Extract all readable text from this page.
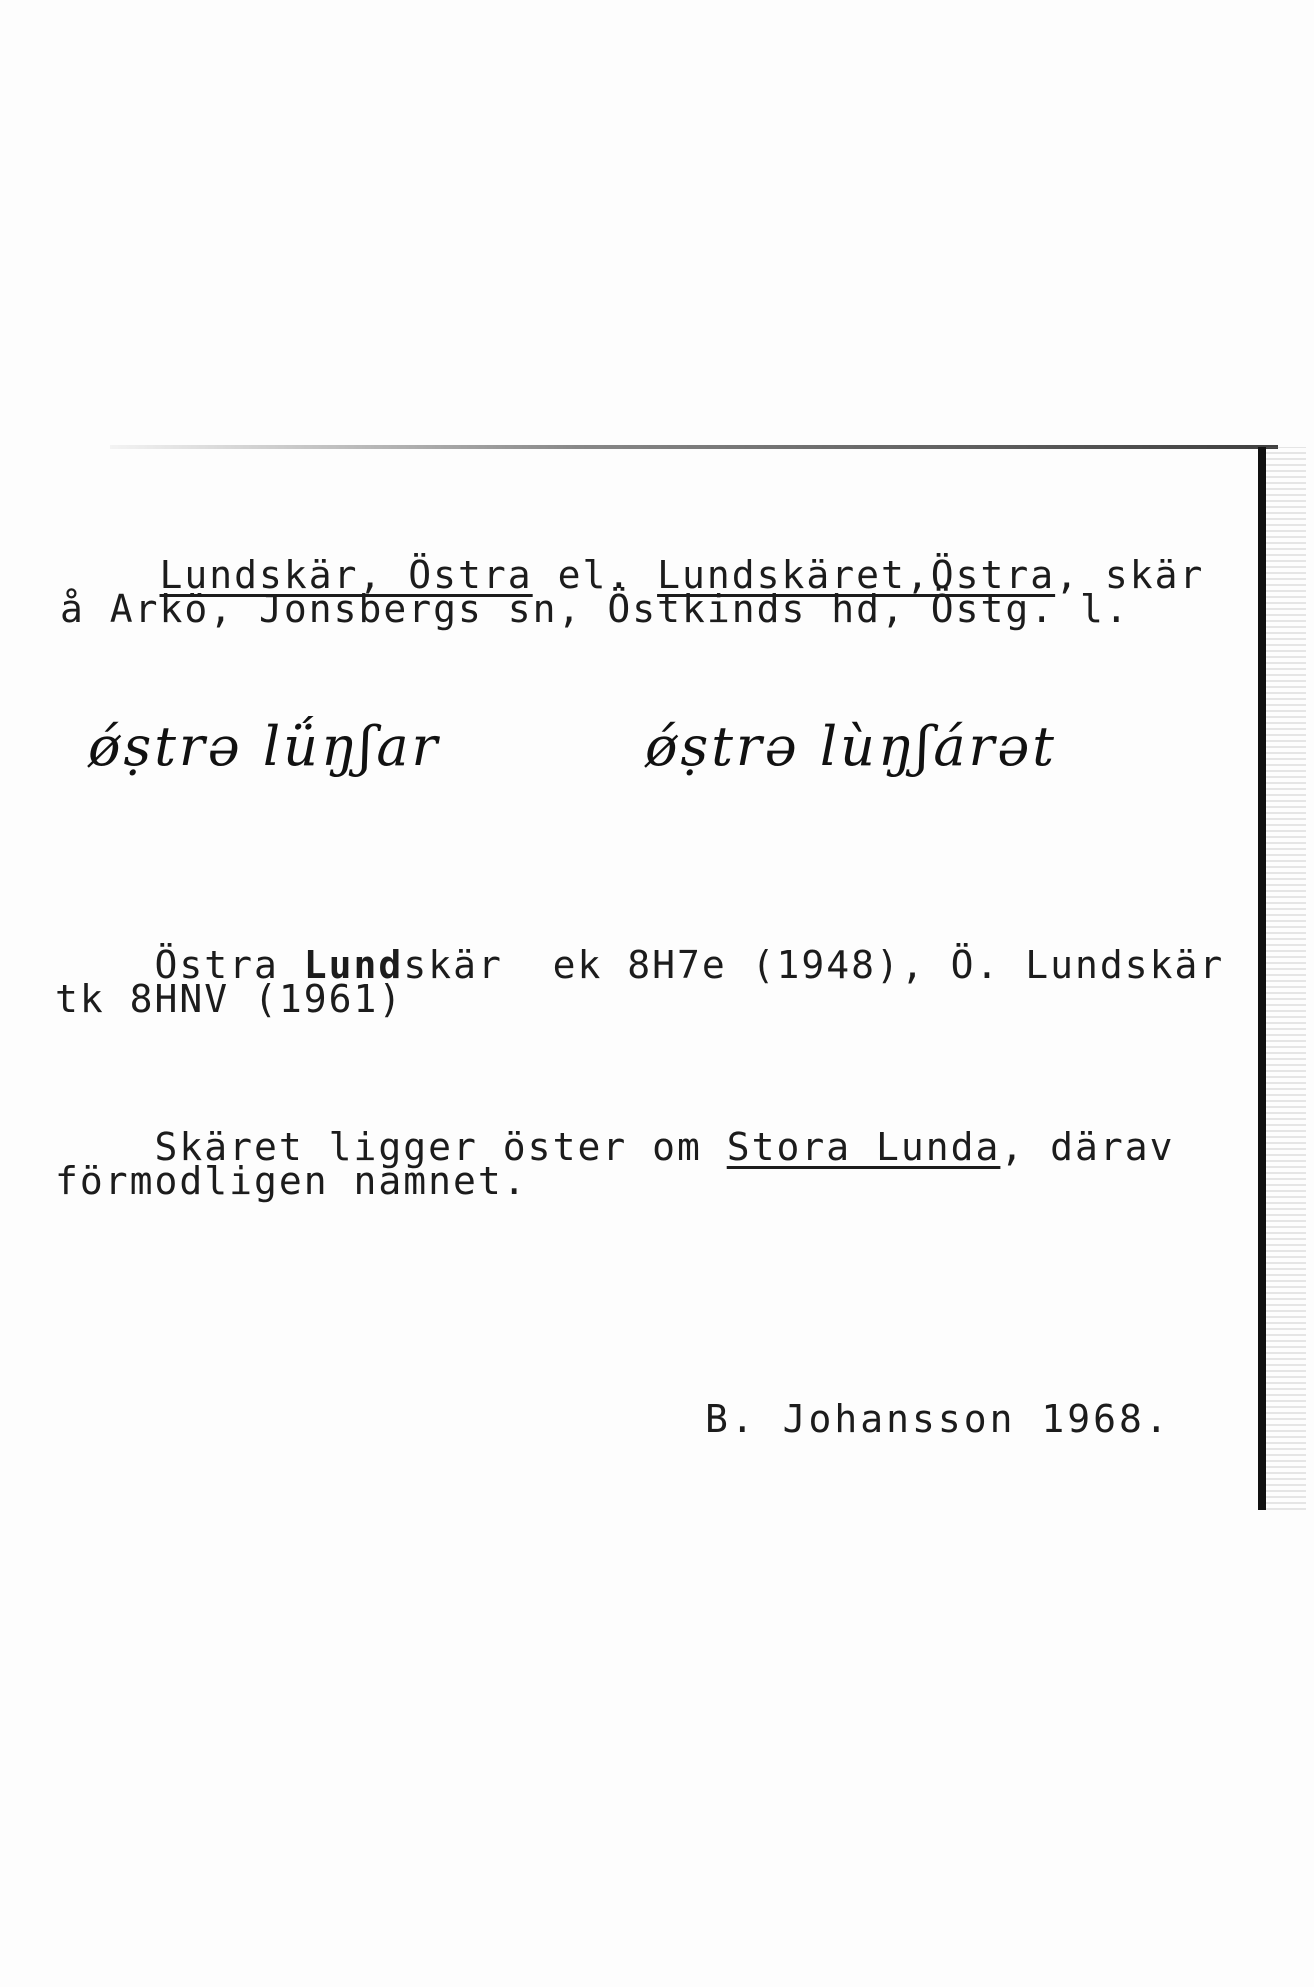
Lundskär, Östra el. Lundskäret,Östra, skär

å Arkö, Jonsbergs sn, Östkinds hd, Östg. l.
ǿṣtrə lǘŋʃar	ǿṣtrə lùŋʃárət

Östra Lundskär  ek 8H7e (1948), Ö. Lundskär

tk 8HNV (1961)

Skäret ligger öster om Stora Lunda, därav

förmodligen namnet.
B. Johansson 1968.
